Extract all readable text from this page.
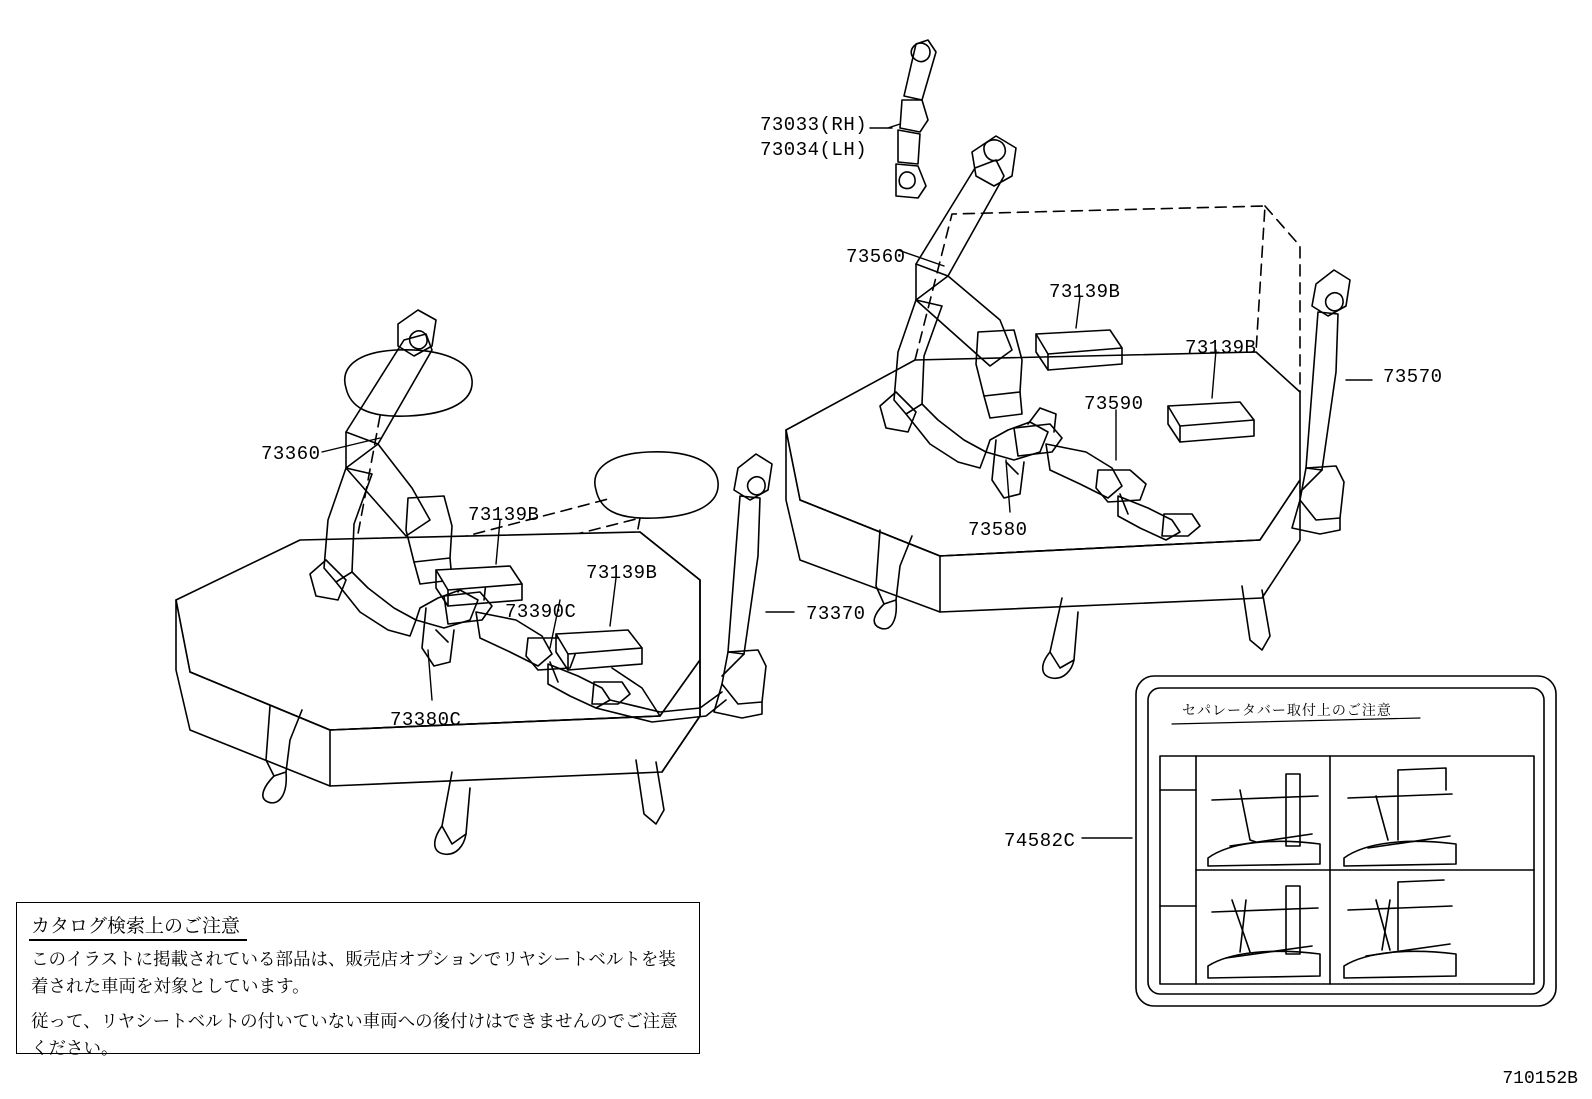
73033(RH)
73034(LH)
73560
73139B
73139B
73570
73590
73580
73360
73139B
73139B
73390C	73370
73380C
74582C
セパレータバー取付上のご注意
カタログ検索上のご注意
このイラストに掲載されている部品は、販売店オプションでリヤシートベルトを装着された車両を対象としています。
従って、リヤシートベルトの付いていない車両への後付けはできませんのでご注意ください。
710152B
